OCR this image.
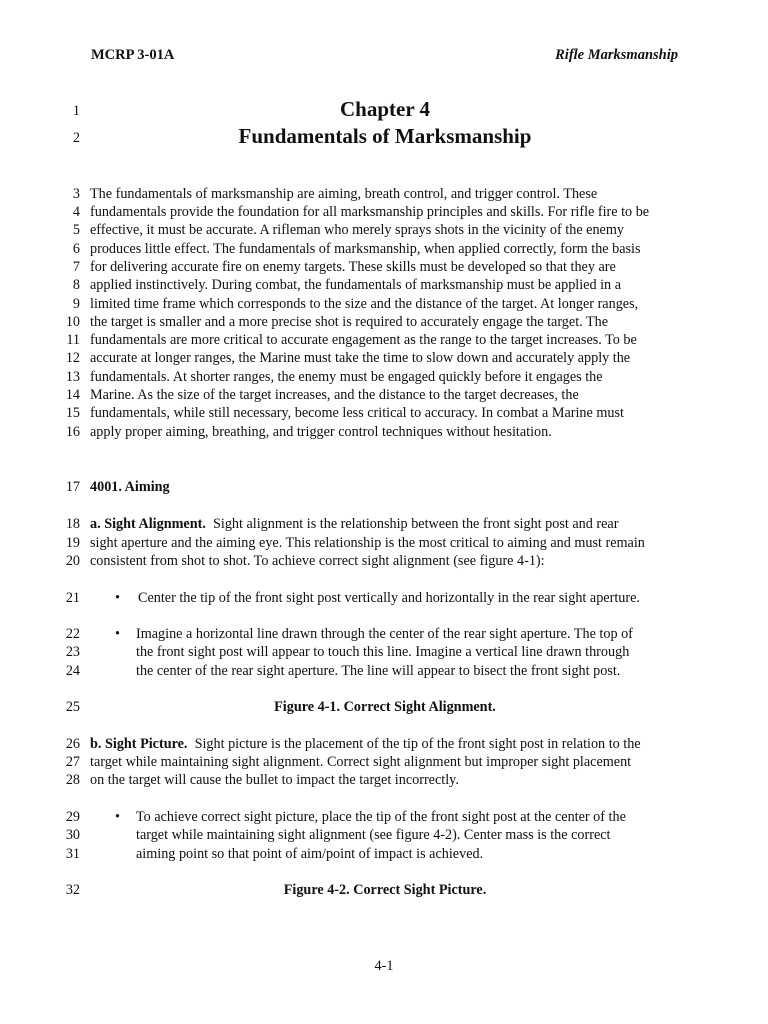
MCRP 3-01A	Rifle Marksmanship
1	Chapter 4
2	Fundamentals of Marksmanship
3 The fundamentals of marksmanship are aiming, breath control, and trigger control. These
4 fundamentals provide the foundation for all marksmanship principles and skills. For rifle fire to be
5 effective, it must be accurate. A rifleman who merely sprays shots in the vicinity of the enemy
6 produces little effect. The fundamentals of marksmanship, when applied correctly, form the basis
7 for delivering accurate fire on enemy targets. These skills must be developed so that they are
8 applied instinctively. During combat, the fundamentals of marksmanship must be applied in a
9 limited time frame which corresponds to the size and the distance of the target. At longer ranges,
10 the target is smaller and a more precise shot is required to accurately engage the target. The
11 fundamentals are more critical to accurate engagement as the range to the target increases. To be
12 accurate at longer ranges, the Marine must take the time to slow down and accurately apply the
13 fundamentals. At shorter ranges, the enemy must be engaged quickly before it engages the
14 Marine. As the size of the target increases, and the distance to the target decreases, the
15 fundamentals, while still necessary, become less critical to accuracy. In combat a Marine must
16 apply proper aiming, breathing, and trigger control techniques without hesitation.
17 4001. Aiming
18 a. Sight Alignment.  Sight alignment is the relationship between the front sight post and rear
19 sight aperture and the aiming eye. This relationship is the most critical to aiming and must remain
20 consistent from shot to shot. To achieve correct sight alignment (see figure 4-1):
21 • Center the tip of the front sight post vertically and horizontally in the rear sight aperture.
22 • Imagine a horizontal line drawn through the center of the rear sight aperture. The top of
23	the front sight post will appear to touch this line. Imagine a vertical line drawn through
24	the center of the rear sight aperture. The line will appear to bisect the front sight post.
25	Figure 4-1. Correct Sight Alignment.
26 b. Sight Picture.  Sight picture is the placement of the tip of the front sight post in relation to the
27 target while maintaining sight alignment. Correct sight alignment but improper sight placement
28 on the target will cause the bullet to impact the target incorrectly.
29 • To achieve correct sight picture, place the tip of the front sight post at the center of the
30	target while maintaining sight alignment (see figure 4-2). Center mass is the correct
31	aiming point so that point of aim/point of impact is achieved.
32	Figure 4-2. Correct Sight Picture.
4-1
